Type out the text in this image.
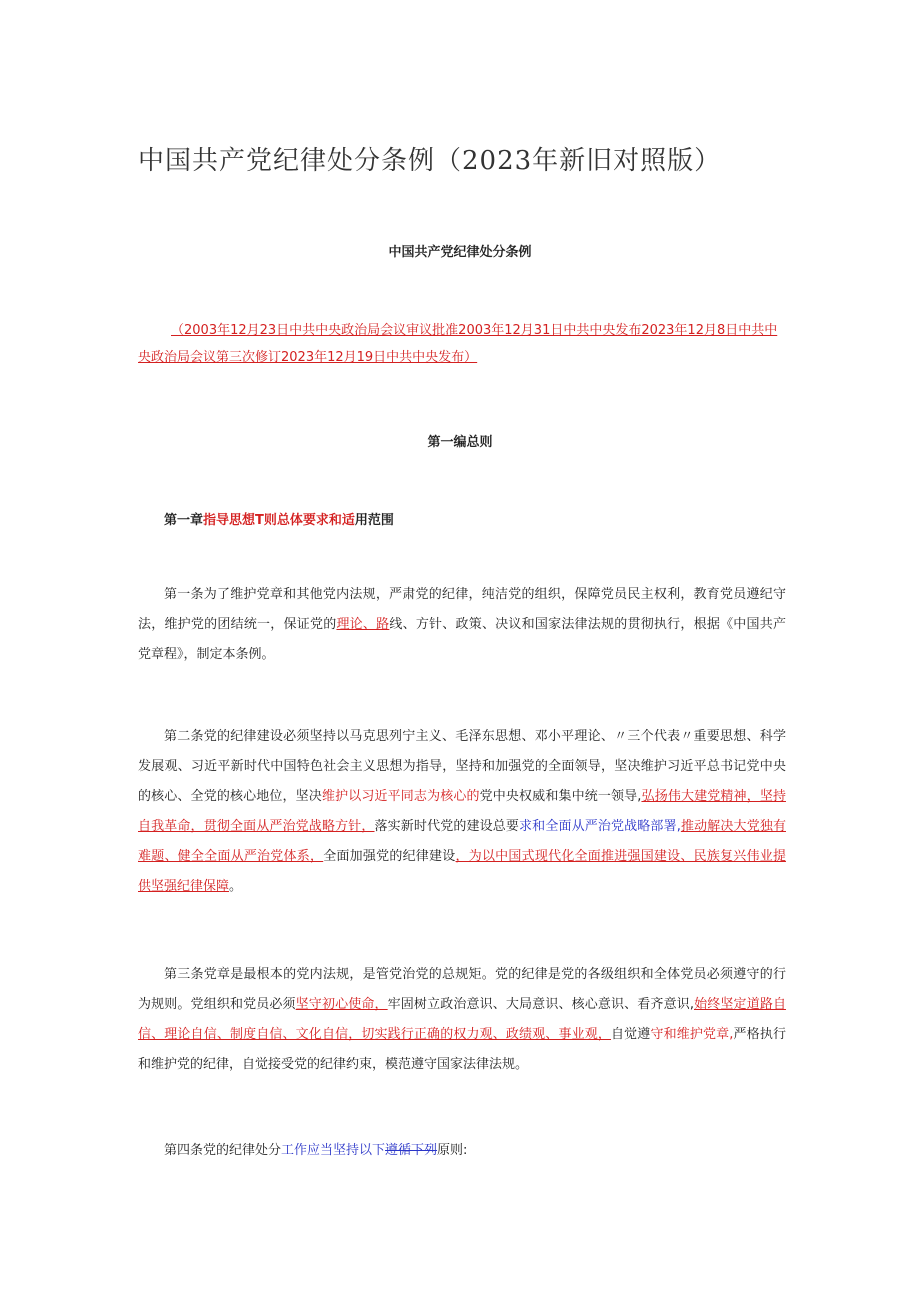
中国共产党纪律处分条例（2023年新旧对照版）
中国共产党纪律处分条例
（2003年12月23日中共中央政治局会议审议批准2003年12月31日中共中央发布2023年12月8日中共中央政治局会议第三次修订2023年12月19日中共中央发布）
第一编总则
第一章指导思想T则总体要求和适用范围
第一条为了维护党章和其他党内法规，严肃党的纪律，纯洁党的组织，保障党员民主权利，教育党员遵纪守法，维护党的团结统一，保证党的理论、路线、方针、政策、决议和国家法律法规的贯彻执行，根据《中国共产党章程》，制定本条例。
第二条党的纪律建设必须坚持以马克思列宁主义、毛泽东思想、邓小平理论、〃三个代表〃重要思想、科学发展观、习近平新时代中国特色社会主义思想为指导，坚持和加强党的全面领导，坚决维护习近平总书记党中央的核心、全党的核心地位，坚决维护以习近平同志为核心的党中央权威和集中统一领导,弘扬伟大建党精神，坚持自我革命，贯彻全面从严治党战略方针，落实新时代党的建设总要求和全面从严治党战略部署,推动解决大党独有难题、健全全面从严治党体系，全面加强党的纪律建设，为以中国式现代化全面推进强国建设、民族复兴伟业提供坚强纪律保障。
第三条党章是最根本的党内法规，是管党治党的总规矩。党的纪律是党的各级组织和全体党员必须遵守的行为规则。党组织和党员必须坚守初心使命，牢固树立政治意识、大局意识、核心意识、看齐意识,始终坚定道路自信、理论自信、制度自信、文化自信，切实践行正确的权力观、政绩观、事业观，自觉遵守和维护党章,严格执行和维护党的纪律，自觉接受党的纪律约束，模范遵守国家法律法规。
第四条党的纪律处分工作应当坚持以下遵循下列原则:
